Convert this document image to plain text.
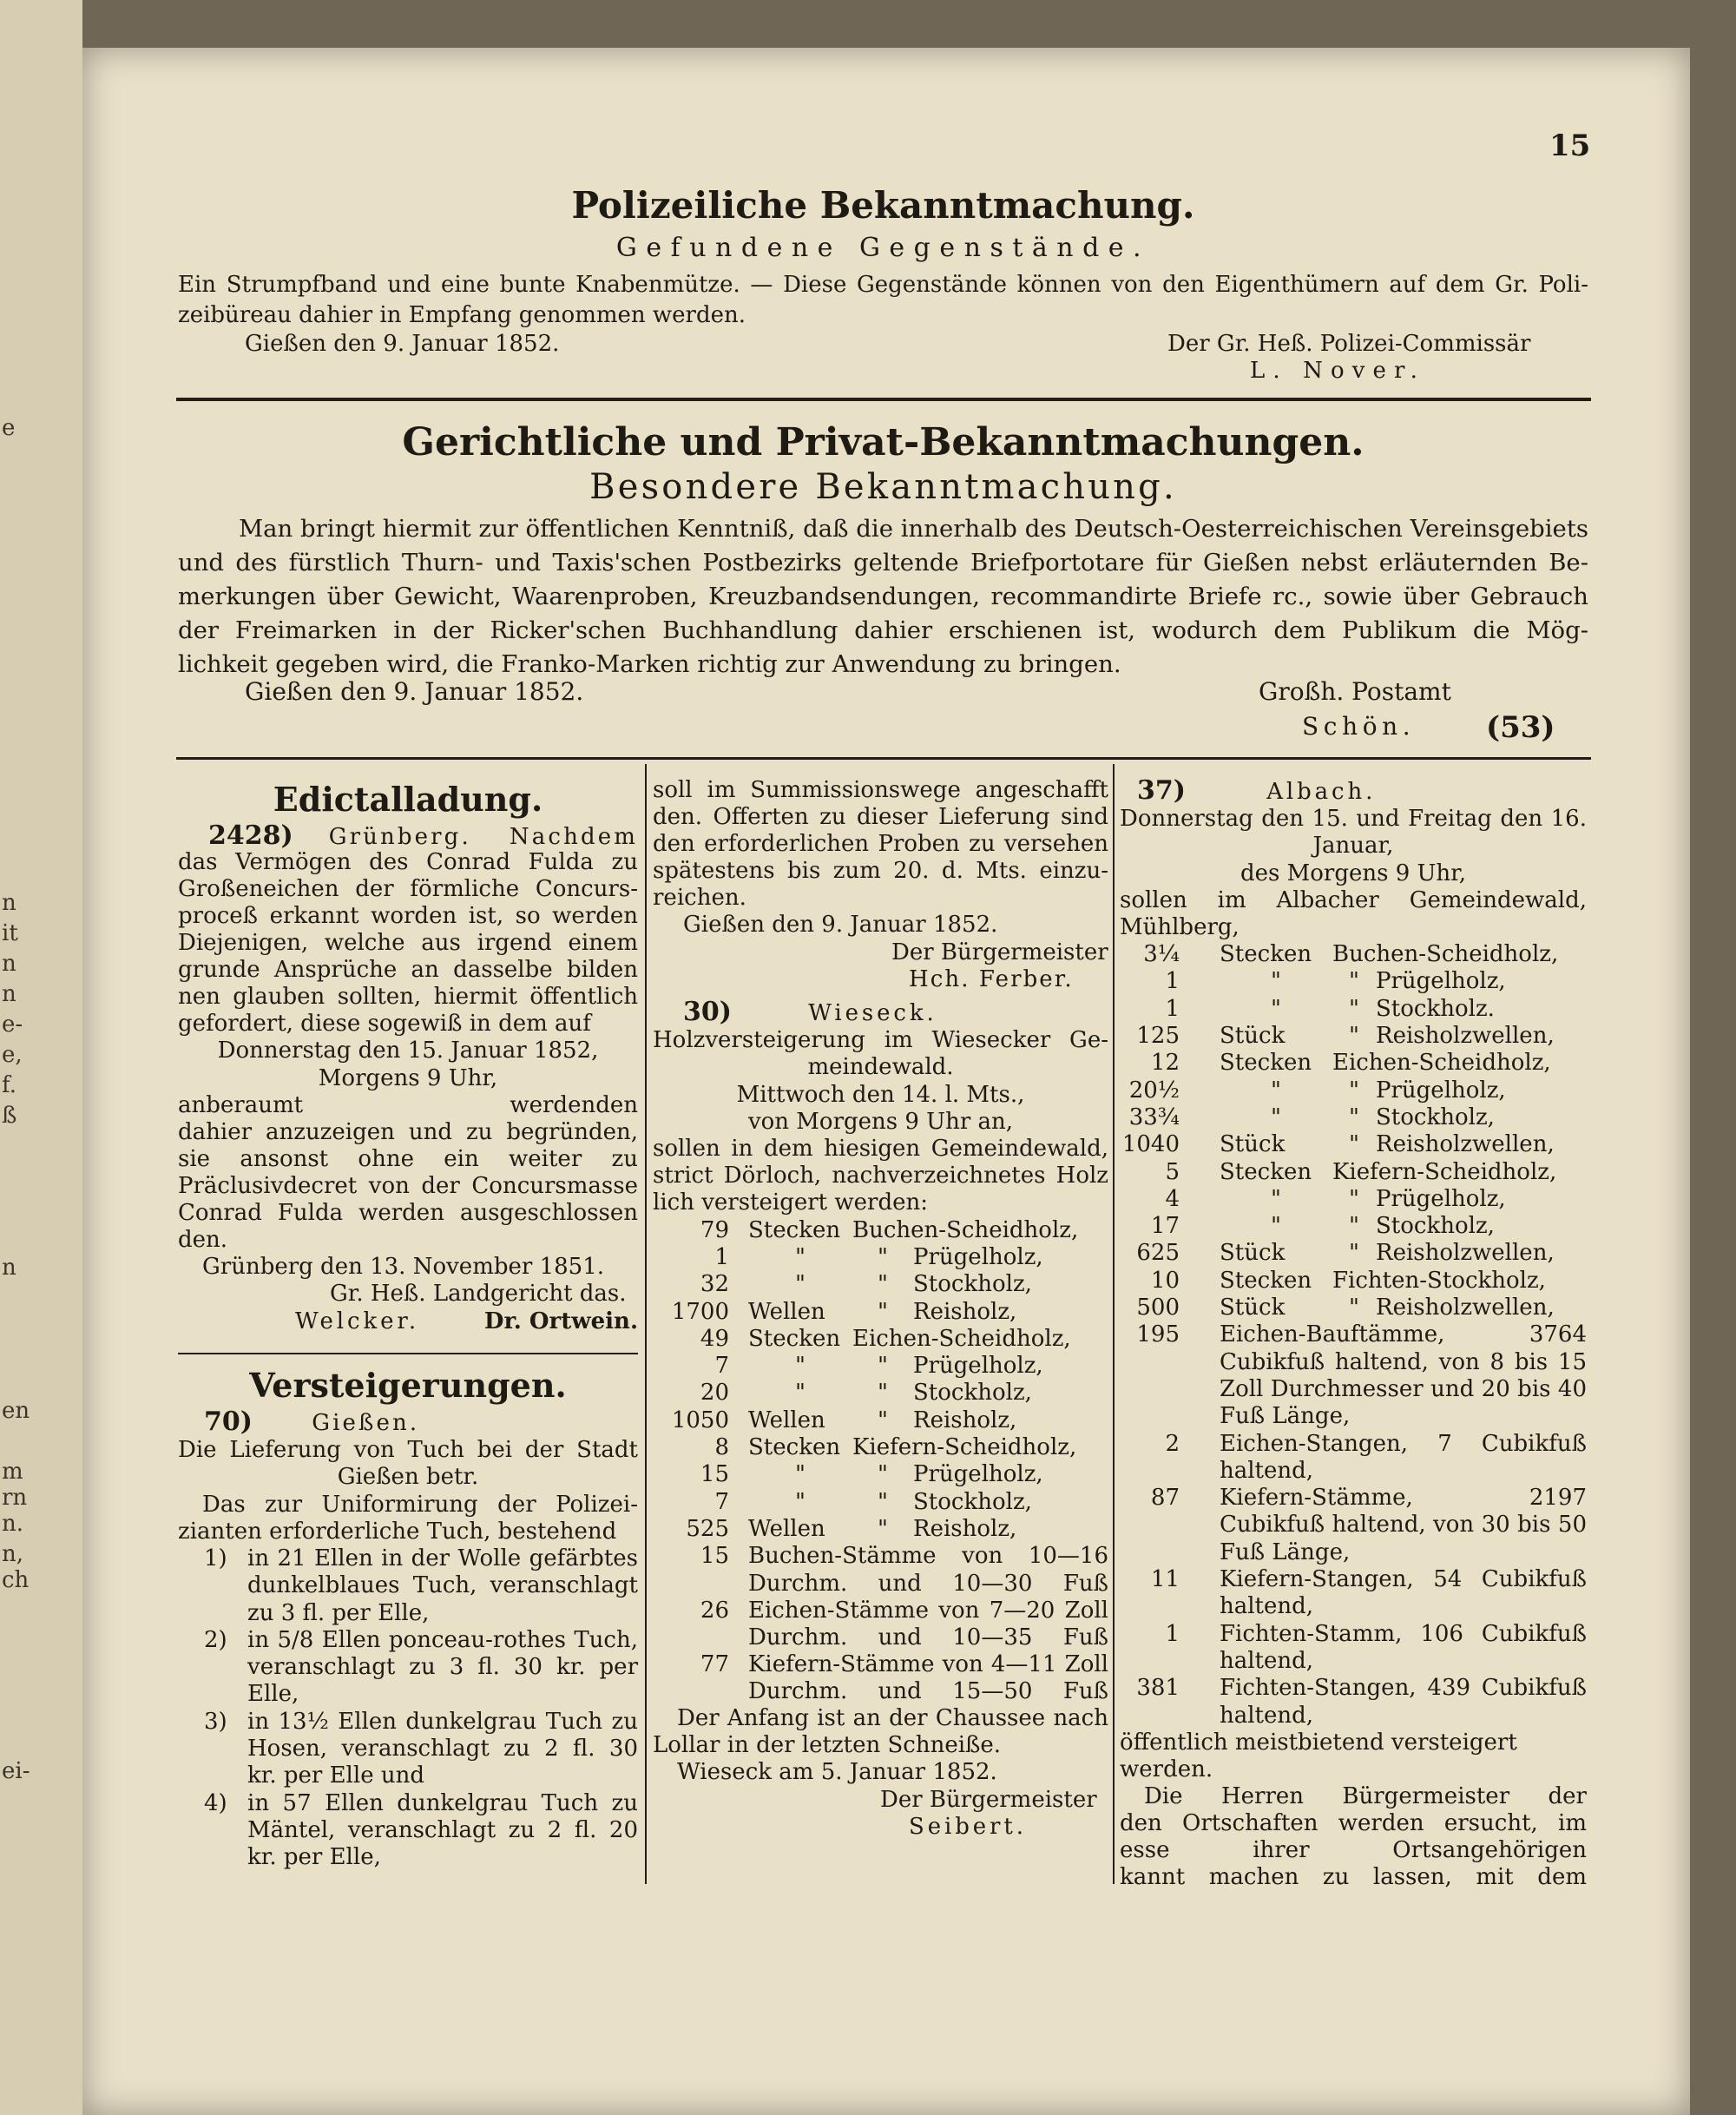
e
n
it
n
n
e-
e,
f.
ß
n
en
m
rn
n.
n,
ch
ei-
15
Polizeiliche Bekanntmachung.
Gefundene Gegenstände.
Ein Strumpfband und eine bunte Knabenmütze. — Diese Gegenstände können von den Eigenthümern auf dem Gr. Poli-
zeibüreau dahier in Empfang genommen werden.
Gießen den 9. Januar 1852.	Der Gr. Heß. Polizei-Commissär
L. Nover.
Gerichtliche und Privat-Bekanntmachungen.
Besondere Bekanntmachung.

Man bringt hiermit zur öffentlichen Kenntniß, daß die innerhalb des Deutsch-Oesterreichischen Vereinsgebiets

und des fürstlich Thurn- und Taxis'schen Postbezirks geltende Briefportotare für Gießen nebst erläuternden Be-

merkungen über Gewicht, Waarenproben, Kreuzbandsendungen, recommandirte Briefe rc., sowie über Gebrauch

der Freimarken in der Ricker'schen Buchhandlung dahier erschienen ist, wodurch dem Publikum die Mög-

lichkeit gegeben wird, die Franko-Marken richtig zur Anwendung zu bringen.

Gießen den 9. Januar 1852.	Großh. Postamt
Schön. (53)
Edictalladung.

2428) Grünberg. Nachdem

das Vermögen des Conrad Fulda zu

Großeneichen der förmliche Concurs-

proceß erkannt worden ist, so werden

Diejenigen, welche aus irgend einem

grunde Ansprüche an dasselbe bilden

nen glauben sollten, hiermit öffentlich

gefordert, diese sogewiß in dem auf

Donnerstag den 15. Januar 1852,

Morgens 9 Uhr,

anberaumt werdenden

dahier anzuzeigen und zu begründen,

sie ansonst ohne ein weiter zu

Präclusivdecret von der Concursmasse

Conrad Fulda werden ausgeschlossen

den.

Grünberg den 13. November 1851.

Gr. Heß. Landgericht das.

Welcker.	Dr. Ortwein.

Versteigerungen.

70)	Gießen.

Die Lieferung von Tuch bei der Stadt

Gießen betr.

Das zur Uniformirung der Polizei-

zianten erforderliche Tuch, bestehend

1) in 21 Ellen in der Wolle gefärbtes dunkelblaues Tuch, veranschlagt zu 3 fl. per Elle,
2) in 5/8 Ellen ponceau-rothes Tuch, veranschlagt zu 3 fl. 30 kr. per Elle,
3) in 13½ Ellen dunkelgrau Tuch zu Hosen, veranschlagt zu 2 fl. 30 kr. per Elle und
4) in 57 Ellen dunkelgrau Tuch zu Mäntel, veranschlagt zu 2 fl. 20 kr. per Elle,

soll im Summissionswege angeschafft

den. Offerten zu dieser Lieferung sind

den erforderlichen Proben zu versehen

spätestens bis zum 20. d. Mts. einzu-

reichen.

Gießen den 9. Januar 1852.

Der Bürgermeister

Hch. Ferber.

30)	Wieseck.

Holzversteigerung im Wiesecker Ge-

meindewald.

Mittwoch den 14. l. Mts.,

von Morgens 9 Uhr an,

sollen in dem hiesigen Gemeindewald,

strict Dörloch, nachverzeichnetes Holz

lich versteigert werden:

79 Stecken Buchen-Scheidholz,
1	"	"	Prügelholz,
32	"	"	Stockholz,
1700 Wellen	"	Reisholz,
49 Stecken Eichen-Scheidholz,
7	"	"	Prügelholz,
20	"	"	Stockholz,
1050 Wellen	"	Reisholz,
8 Stecken Kiefern-Scheidholz,
15	"	"	Prügelholz,
7	"	"	Stockholz,
525 Wellen	"	Reisholz,
15 Buchen-Stämme von 10—16
Durchm. und 10—30 Fuß
26 Eichen-Stämme von 7—20 Zoll
Durchm. und 10—35 Fuß
77 Kiefern-Stämme von 4—11 Zoll
Durchm. und 15—50 Fuß

Der Anfang ist an der Chaussee nach

Lollar in der letzten Schneiße.

Wieseck am 5. Januar 1852.

Der Bürgermeister

Seibert.

37)	Albach.

Donnerstag den 15. und Freitag den 16.

Januar,

des Morgens 9 Uhr,

sollen im Albacher Gemeindewald,

Mühlberg,

3¼	Stecken Buchen-Scheidholz,
1	"	" Prügelholz,
1	"	" Stockholz.
125	Stück	" Reisholzwellen,
12	Stecken Eichen-Scheidholz,
20½	"	" Prügelholz,
33¾	"	" Stockholz,
1040	Stück	" Reisholzwellen,
5	Stecken Kiefern-Scheidholz,
4	"	" Prügelholz,
17	"	" Stockholz,
625	Stück	" Reisholzwellen,
10	Stecken Fichten-Stockholz,
500	Stück	" Reisholzwellen,
195	Eichen-Bauftämme, 3764 Cubikfuß haltend, von 8 bis 15 Zoll Durchmesser und 20 bis 40 Fuß Länge,
2	Eichen-Stangen, 7 Cubikfuß haltend,
87	Kiefern-Stämme, 2197 Cubikfuß haltend, von 30 bis 50 Fuß Länge,
11	Kiefern-Stangen, 54 Cubikfuß haltend,
1	Fichten-Stamm, 106 Cubikfuß haltend,
381	Fichten-Stangen, 439 Cubikfuß haltend,

öffentlich meistbietend versteigert werden.

Die Herren Bürgermeister der

den Ortschaften werden ersucht, im

esse ihrer Ortsangehörigen

kannt machen zu lassen, mit dem
